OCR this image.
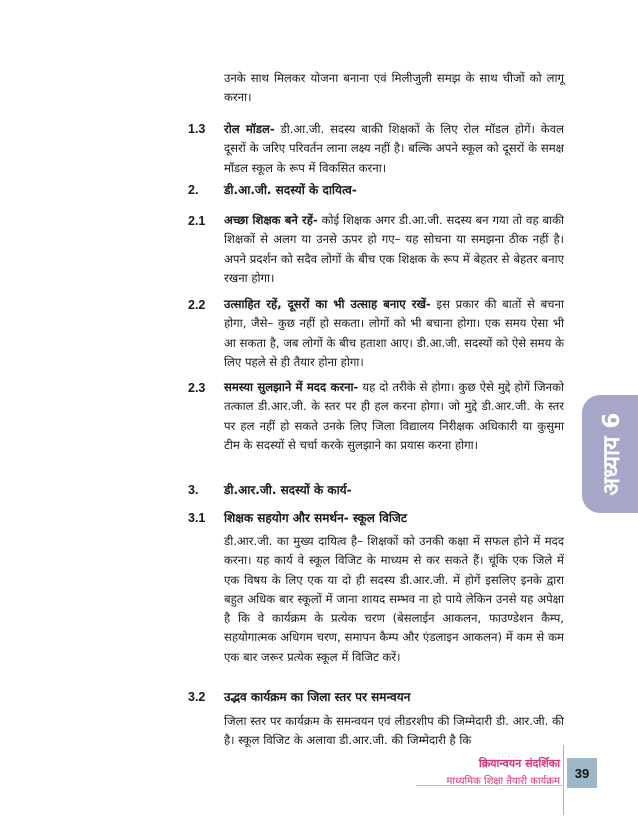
उनके साथ मिलकर योजना बनाना एवं मिलीजुली समझ के साथ चीजों को लागू करना।
1.3	रोल मॉडल- डी.आ.जी. सदस्य बाकी शिक्षकों के लिए रोल मॉडल होगें। केवल दूसरों के जरिए परिवर्तन लाना लक्ष्य नहीं है। बल्कि अपने स्कूल को दूसरों के समक्ष मॉडल स्कूल के रूप में विकसित करना।
2.	डी.आ.जी. सदस्यों के दायित्व-
2.1	अच्छा शिक्षक बने रहें- कोई शिक्षक अगर डी.आ.जी. सदस्य बन गया तो वह बाकी शिक्षकों से अलग या उनसे ऊपर हो गए– यह सोचना या समझना ठीक नहीं है। अपने प्रदर्शन को सदैव लोगों के बीच एक शिक्षक के रूप में बेहतर से बेहतर बनाए रखना होगा।
2.2	उत्साहित रहें, दूसरों का भी उत्साह बनाए रखें- इस प्रकार की बातों से बचना होगा, जैसे– कुछ नहीं हो सकता। लोगों को भी बचाना होगा। एक समय ऐसा भी आ सकता है, जब लोगों के बीच हताशा आए। डी.आ.जी. सदस्यों को ऐसे समय के लिए पहले से ही तैयार होना होगा।
2.3	समस्या सुलझाने में मदद करना- यह दो तरीके से होगा। कुछ ऐसे मुद्दे होगें जिनको तत्काल डी.आर.जी. के स्तर पर ही हल करना होगा। जो मुद्दे डी.आर.जी. के स्तर पर हल नहीं हो सकते उनके लिए जिला विद्यालय निरीक्षक अधिकारी या कुसुमा टीम के सदस्यों से चर्चा करके सुलझाने का प्रयास करना होगा।
3.	डी.आर.जी. सदस्यों के कार्य-
3.1	शिक्षक सहयोग और समर्थन- स्कूल विजिट
डी.आर.जी. का मुख्य दायित्व है– शिक्षकों को उनकी कक्षा में सफल होने में मदद करना। यह कार्य वे स्कूल विजिट के माध्यम से कर सकते हैं। चूंकि एक जिले में एक विषय के लिए एक या दो ही सदस्य डी.आर.जी. में होगें इसलिए इनके द्वारा बहुत अधिक बार स्कूलों में जाना शायद सम्भव ना हो पाये लेकिन उनसे यह अपेक्षा है कि वे कार्यक्रम के प्रत्येक चरण (बेसलाईन आकलन, फाउण्डेशन कैम्प, सहयोगात्मक अधिगम चरण, समापन कैम्प और एंडलाइन आकलन) में कम से कम एक बार जरूर प्रत्येक स्कूल में विजिट करें।
3.2	उद्भव कार्यक्रम का जिला स्तर पर समन्वयन
जिला स्तर पर कार्यक्रम के समन्वयन एवं लीडरशीप की जिम्मेदारी डी. आर.जी. की है। स्कूल विजिट के अलावा डी.आर.जी. की जिम्मेदारी है कि
अध्याय 6
क्रियान्वयन संदर्शिका
माध्यमिक शिक्षा तैयारी कार्यक्रम
39
